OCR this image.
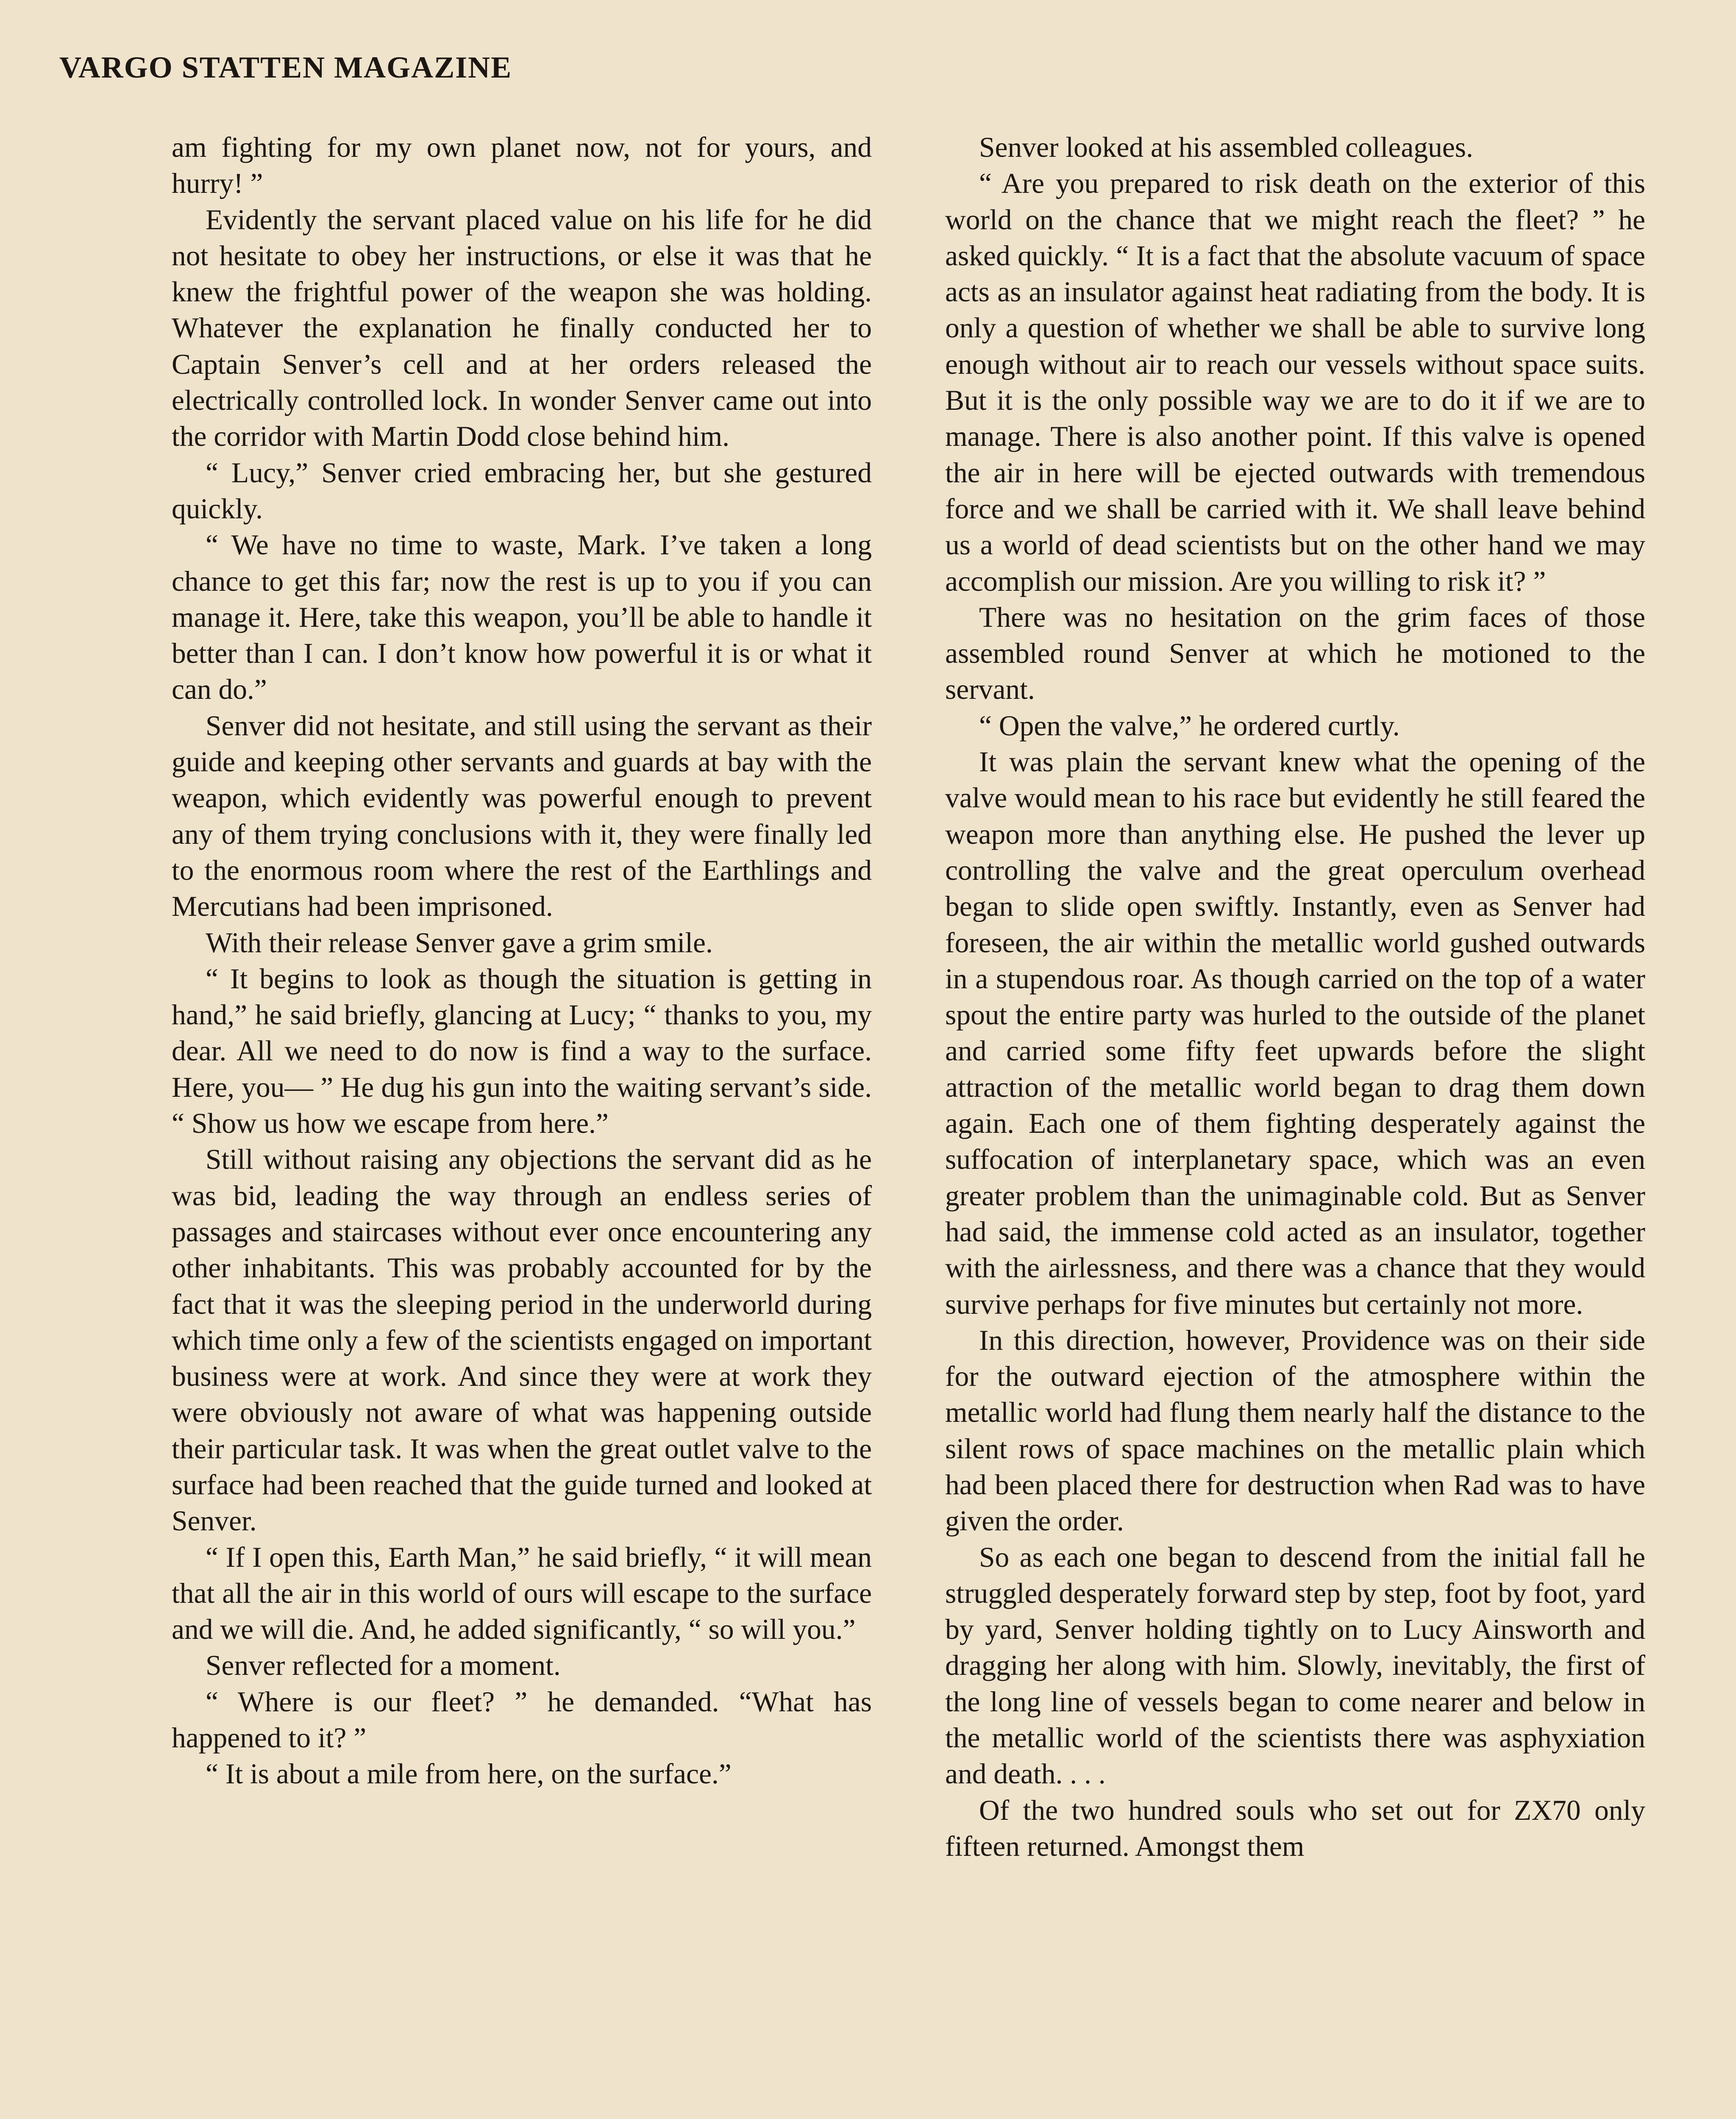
VARGO STATTEN MAGAZINE

am fighting for my own planet now, not for yours, and hurry! ”

Evidently the servant placed value on his life for he did not hesitate to obey her instructions, or else it was that he knew the frightful power of the weapon she was holding. Whatever the explanation he finally conducted her to Captain Senver’s cell and at her orders released the electrically controlled lock. In wonder Senver came out into the corridor with Martin Dodd close behind him.

“ Lucy,” Senver cried embracing her, but she gestured quickly.

“ We have no time to waste, Mark. I’ve taken a long chance to get this far; now the rest is up to you if you can manage it. Here, take this weapon, you’ll be able to handle it better than I can. I don’t know how powerful it is or what it can do.”

Senver did not hesitate, and still using the servant as their guide and keeping other servants and guards at bay with the weapon, which evidently was powerful enough to prevent any of them trying conclusions with it, they were finally led to the enormous room where the rest of the Earthlings and Mercutians had been imprisoned.

With their release Senver gave a grim smile.

“ It begins to look as though the situation is getting in hand,” he said briefly, glancing at Lucy; “ thanks to you, my dear. All we need to do now is find a way to the surface. Here, you— ” He dug his gun into the waiting servant’s side. “ Show us how we escape from here.”

Still without raising any objections the servant did as he was bid, leading the way through an endless series of passages and staircases without ever once encountering any other inhabitants. This was probably accounted for by the fact that it was the sleeping period in the underworld during which time only a few of the scientists engaged on important business were at work. And since they were at work they were obviously not aware of what was happening outside their particular task. It was when the great outlet valve to the surface had been reached that the guide turned and looked at Senver.

“ If I open this, Earth Man,” he said briefly, “ it will mean that all the air in this world of ours will escape to the surface and we will die. And, he added significantly, “ so will you.”

Senver reflected for a moment.

“ Where is our fleet? ” he demanded. “What has happened to it? ”

“ It is about a mile from here, on the surface.”

Senver looked at his assembled colleagues.

“ Are you prepared to risk death on the exterior of this world on the chance that we might reach the fleet? ” he asked quickly. “ It is a fact that the absolute vacuum of space acts as an insulator against heat radiating from the body. It is only a question of whether we shall be able to survive long enough without air to reach our vessels without space suits. But it is the only possible way we are to do it if we are to manage. There is also another point. If this valve is opened the air in here will be ejected outwards with tremendous force and we shall be carried with it. We shall leave behind us a world of dead scientists but on the other hand we may accomplish our mission. Are you willing to risk it? ”

There was no hesitation on the grim faces of those assembled round Senver at which he motioned to the servant.

“ Open the valve,” he ordered curtly.

It was plain the servant knew what the opening of the valve would mean to his race but evidently he still feared the weapon more than anything else. He pushed the lever up controlling the valve and the great operculum overhead began to slide open swiftly. Instantly, even as Senver had foreseen, the air within the metallic world gushed outwards in a stupendous roar. As though carried on the top of a water spout the entire party was hurled to the outside of the planet and carried some fifty feet upwards before the slight attraction of the metallic world began to drag them down again. Each one of them fighting desperately against the suffocation of interplanetary space, which was an even greater problem than the unimaginable cold. But as Senver had said, the immense cold acted as an insulator, together with the airlessness, and there was a chance that they would survive perhaps for five minutes but certainly not more.

In this direction, however, Providence was on their side for the outward ejection of the atmosphere within the metallic world had flung them nearly half the distance to the silent rows of space machines on the metallic plain which had been placed there for destruction when Rad was to have given the order.

So as each one began to descend from the initial fall he struggled desperately forward step by step, foot by foot, yard by yard, Senver holding tightly on to Lucy Ainsworth and dragging her along with him. Slowly, inevitably, the first of the long line of vessels began to come nearer and below in the metallic world of the scientists there was asphyxiation and death. . . .

Of the two hundred souls who set out for ZX70 only fifteen returned. Amongst them
